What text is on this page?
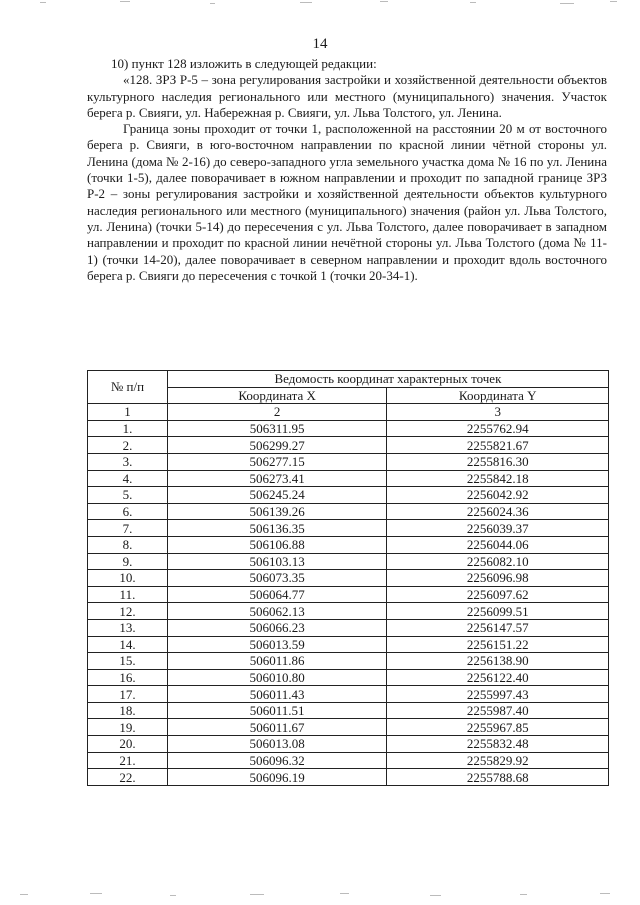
14

10) пункт 128 изложить в следующей редакции:

«128. ЗРЗ Р-5 – зона регулирования застройки и хозяйственной деятельности объектов культурного наследия регионального или местного (муниципального) значения. Участок берега р. Свияги, ул. Набережная р. Свияги, ул. Льва Толстого, ул. Ленина.

Граница зоны проходит от точки 1, расположенной на расстоянии 20 м от восточного берега р. Свияги, в юго-восточном направлении по красной линии чётной стороны ул. Ленина (дома № 2-16) до северо-западного угла земельного участка дома № 16 по ул. Ленина (точки 1-5), далее поворачивает в южном направлении и проходит по западной границе ЗРЗ Р-2 – зоны регулирования застройки и хозяйственной деятельности объектов культурного наследия регионального или местного (муниципального) значения (район ул. Льва Толстого, ул. Ленина) (точки 5-14) до пересечения с ул. Льва Толстого, далее поворачивает в западном направлении и проходит по красной линии нечётной стороны ул. Льва Толстого (дома № 11-1) (точки 14-20), далее поворачивает в северном направлении и проходит вдоль восточного берега р. Свияги до пересечения с точкой 1 (точки 20-34-1).

№ п/п	Ведомость координат характерных точек	
	Координата X	Координата Y
1	2	3
1.	506311.95	2255762.94
2.	506299.27	2255821.67
3.	506277.15	2255816.30
4.	506273.41	2255842.18
5.	506245.24	2256042.92
6.	506139.26	2256024.36
7.	506136.35	2256039.37
8.	506106.88	2256044.06
9.	506103.13	2256082.10
10.	506073.35	2256096.98
11.	506064.77	2256097.62
12.	506062.13	2256099.51
13.	506066.23	2256147.57
14.	506013.59	2256151.22
15.	506011.86	2256138.90
16.	506010.80	2256122.40
17.	506011.43	2255997.43
18.	506011.51	2255987.40
19.	506011.67	2255967.85
20.	506013.08	2255832.48
21.	506096.32	2255829.92
22.	506096.19	2255788.68
